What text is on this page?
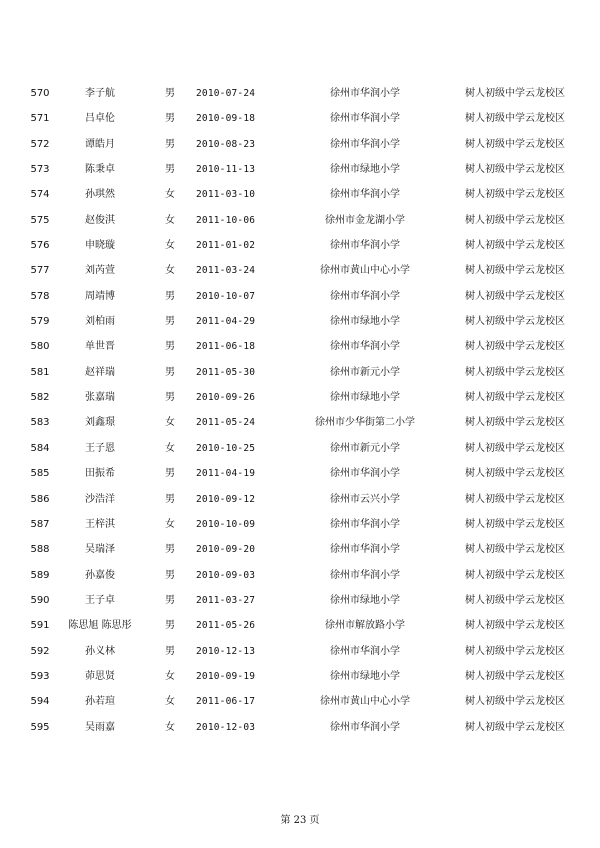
570	李子航	男	2010-07-24	徐州市华润小学	树人初级中学云龙校区
571	吕卓伦	男	2010-09-18	徐州市华润小学	树人初级中学云龙校区
572	谭皓月	男	2010-08-23	徐州市华润小学	树人初级中学云龙校区
573	陈秉卓	男	2010-11-13	徐州市绿地小学	树人初级中学云龙校区
574	孙琪然	女	2011-03-10	徐州市华润小学	树人初级中学云龙校区
575	赵俊淇	女	2011-10-06	徐州市金龙湖小学	树人初级中学云龙校区
576	申晓璇	女	2011-01-02	徐州市华润小学	树人初级中学云龙校区
577	刘芮萱	女	2011-03-24	徐州市黄山中心小学	树人初级中学云龙校区
578	周靖博	男	2010-10-07	徐州市华润小学	树人初级中学云龙校区
579	刘柏雨	男	2011-04-29	徐州市绿地小学	树人初级中学云龙校区
580	单世晋	男	2011-06-18	徐州市华润小学	树人初级中学云龙校区
581	赵祥瑞	男	2011-05-30	徐州市新元小学	树人初级中学云龙校区
582	张嘉瑞	男	2010-09-26	徐州市绿地小学	树人初级中学云龙校区
583	刘鑫璟	女	2011-05-24	徐州市少华街第二小学	树人初级中学云龙校区
584	王子恩	女	2010-10-25	徐州市新元小学	树人初级中学云龙校区
585	田振希	男	2011-04-19	徐州市华润小学	树人初级中学云龙校区
586	沙浩洋	男	2010-09-12	徐州市云兴小学	树人初级中学云龙校区
587	王梓淇	女	2010-10-09	徐州市华润小学	树人初级中学云龙校区
588	吴瑞泽	男	2010-09-20	徐州市华润小学	树人初级中学云龙校区
589	孙嘉俊	男	2010-09-03	徐州市华润小学	树人初级中学云龙校区
590	王子卓	男	2011-03-27	徐州市绿地小学	树人初级中学云龙校区
591	陈思旭 陈思彤	男	2011-05-26	徐州市解放路小学	树人初级中学云龙校区
592	孙义林	男	2010-12-13	徐州市华润小学	树人初级中学云龙校区
593	茆思贤	女	2010-09-19	徐州市绿地小学	树人初级中学云龙校区
594	孙若瑄	女	2011-06-17	徐州市黄山中心小学	树人初级中学云龙校区
595	吴雨嘉	女	2010-12-03	徐州市华润小学	树人初级中学云龙校区
第 23 页
